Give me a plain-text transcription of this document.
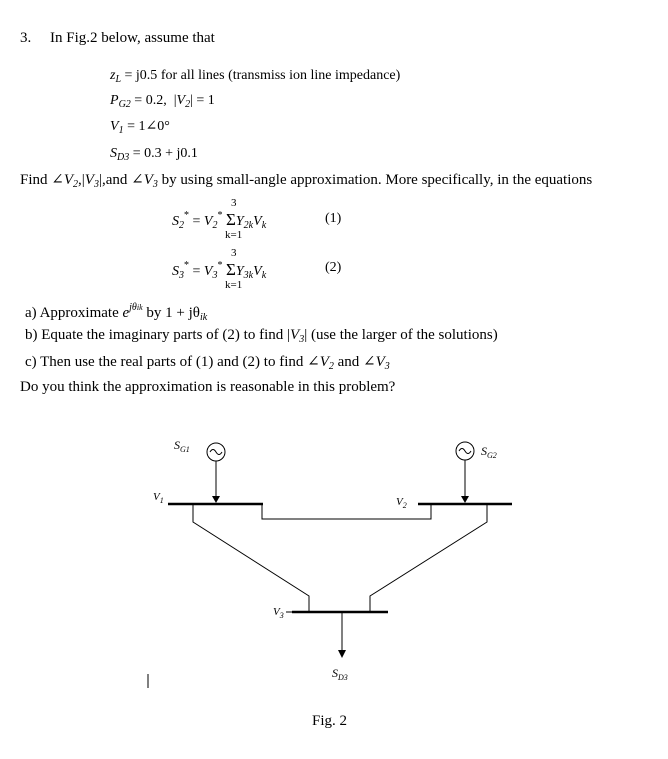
3. In Fig.2 below, assume that
$z_L = j0.5$ for all lines (transmiss ion line impedance)
$P_{G2} = 0.2$,  $|V_2| = 1$
$V_1$ = 1∠0°
$S_{D3} = 0.3 + j0.1$
Find $\angle V_2,|V_3|,and$ $\angle V_3$ by using small-angle approximation. More specifically, in the equations
$S_2^* = V_2^*$ $\Sigma Y_{2k}V_k$
3
k=1
(1)
$S_3^* = V_3^*$ $\Sigma Y_{3k}V_k$
3
k=1
(2)
a) Approximate $e^{j\theta ik}$ by $1 + j\theta_{ik}$
b) Equate the imaginary parts of (2) to find $|V_3|$ (use the larger of the solutions)
c) Then use the real parts of (1) and (2) to find $\angle V_2$ and $\angle V_3$
Do you think the approximation is reasonable in this problem?
$S_{G1}$	$S_{G2}$
$V_1$	$V_2$
$V_3$
$S_{D3}$
Fig. 2
